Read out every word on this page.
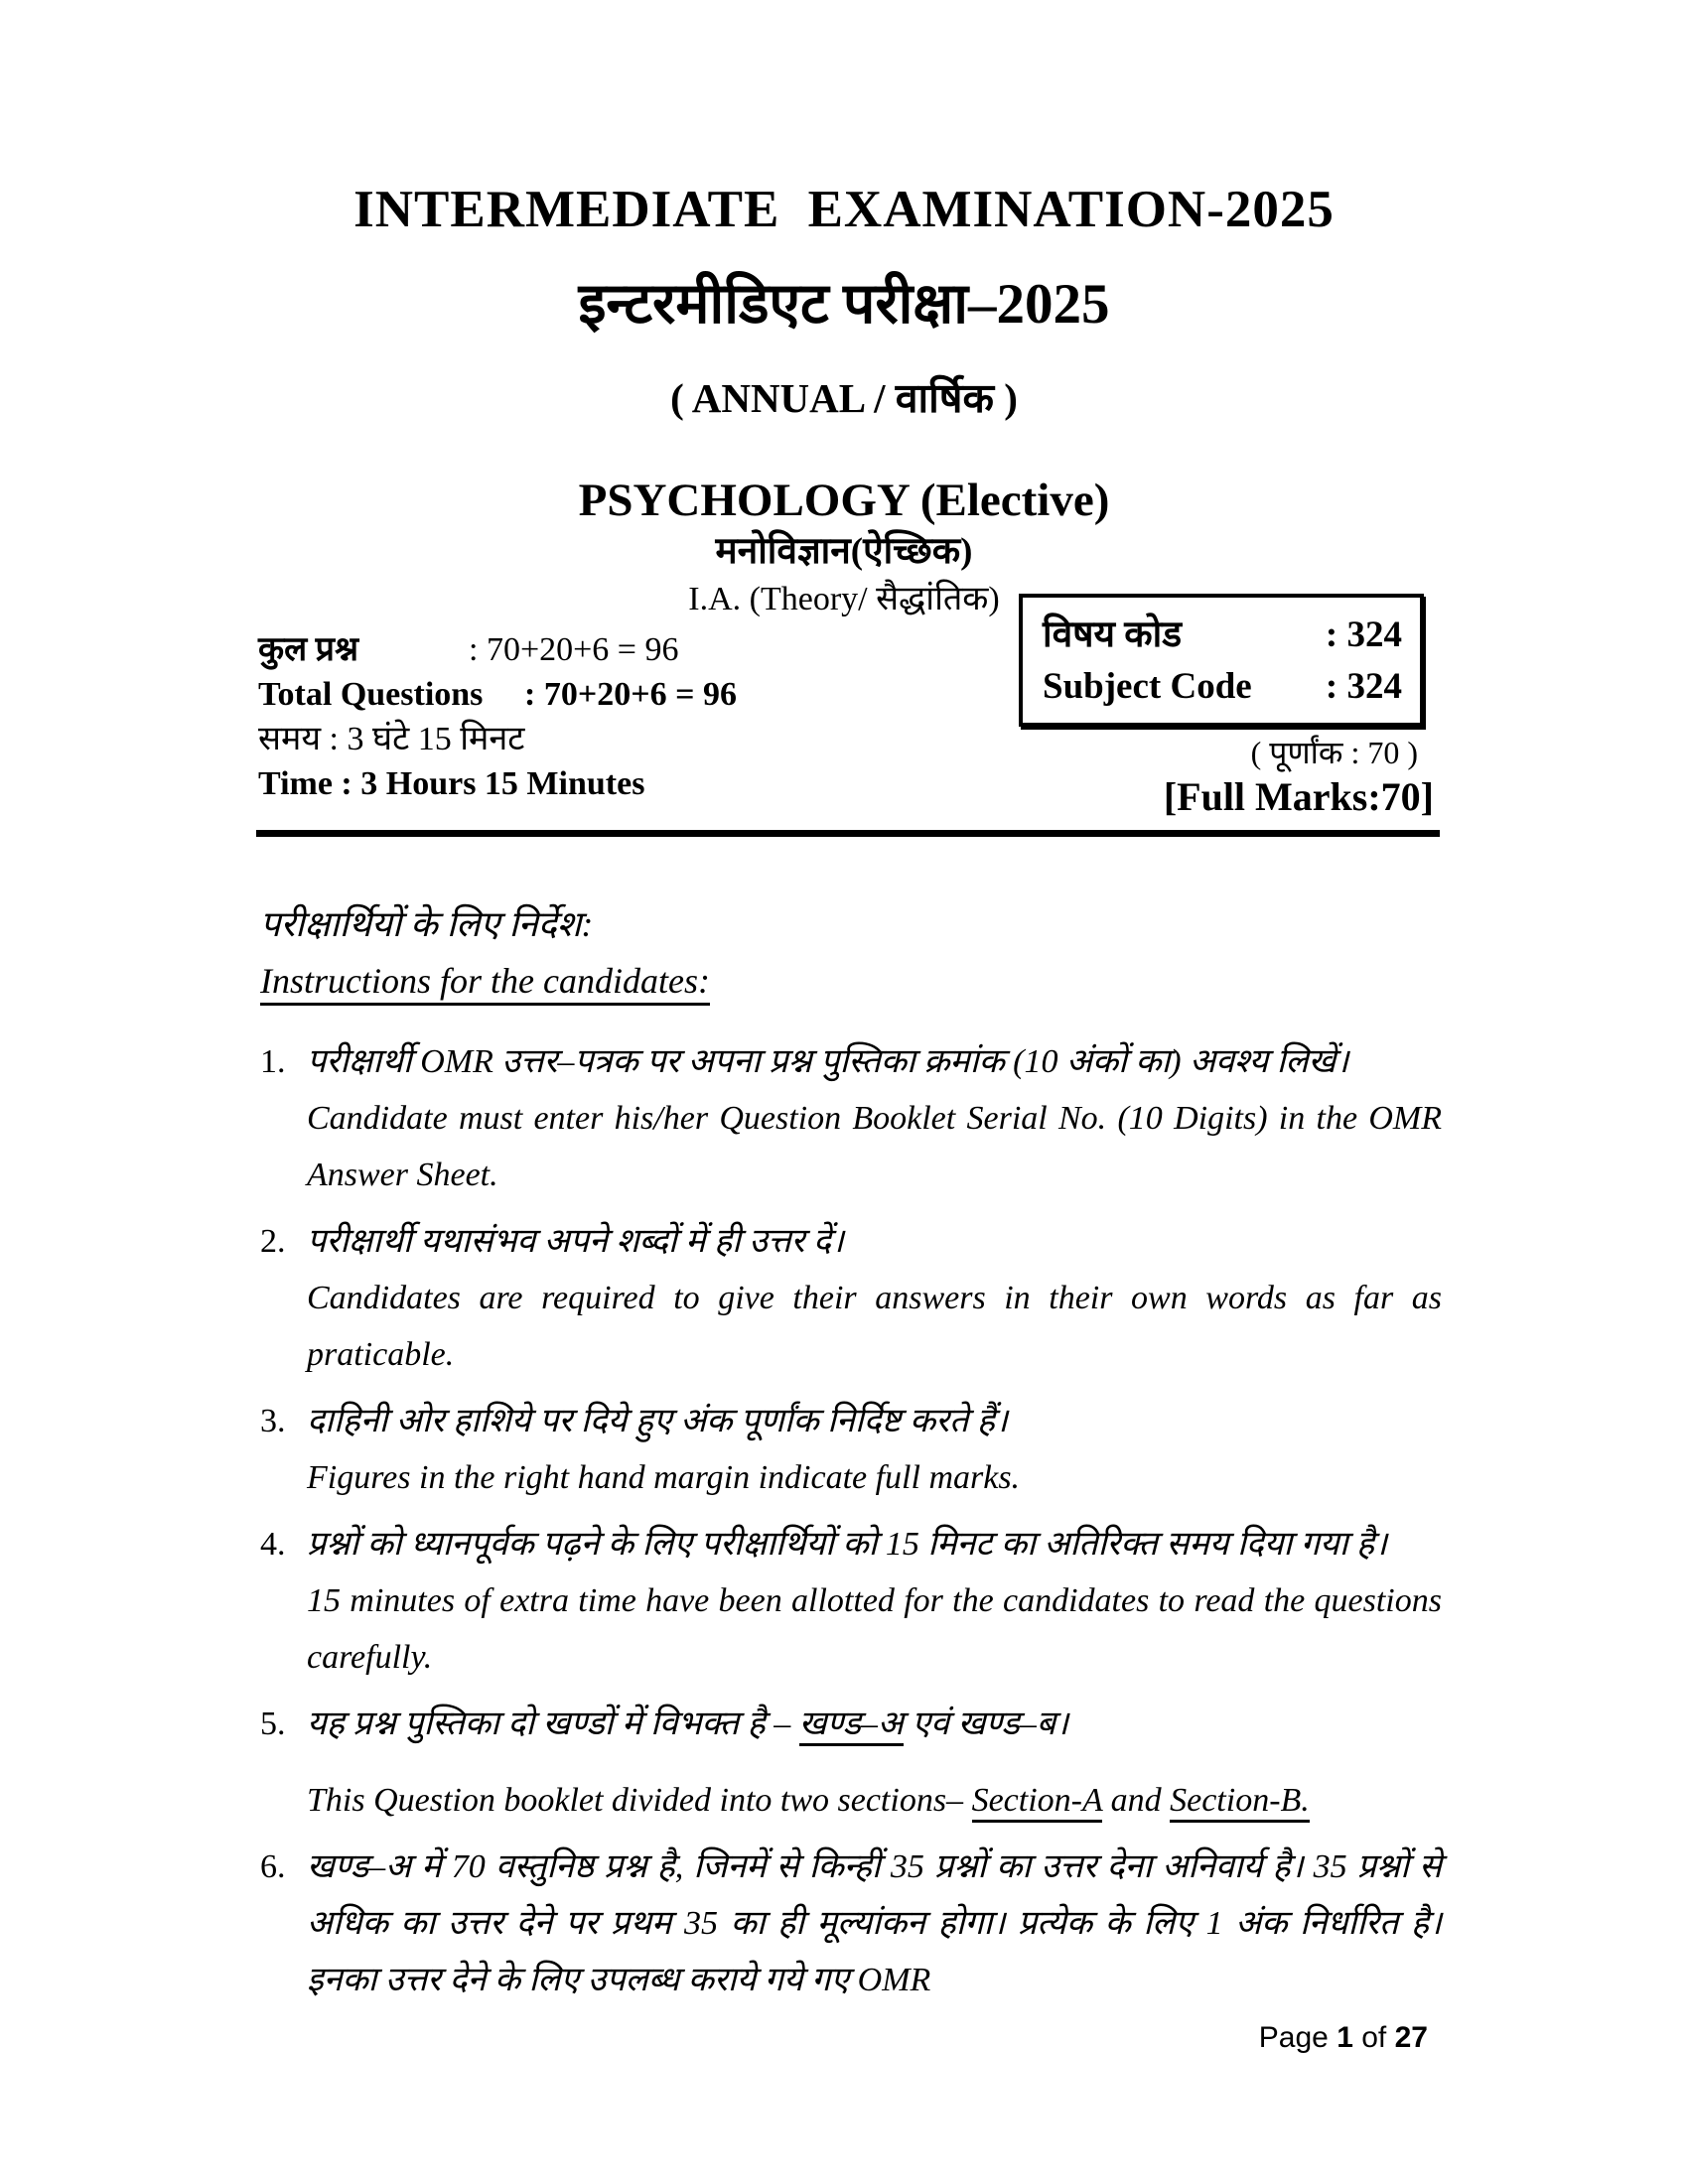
INTERMEDIATE EXAMINATION-2025
इन्टरमीडिएट परीक्षा–2025
( ANNUAL / वार्षिक )
PSYCHOLOGY (Elective)
मनोविज्ञान(ऐच्छिक)
I.A. (Theory/ सैद्धांतिक)
कुल प्रश्न	: 70+20+6 = 96
Total Questions : 70+20+6 = 96
समय : 3 घंटे 15 मिनट
Time : 3 Hours 15 Minutes
विषय कोड	: 324
Subject Code : 324
( पूर्णांक : 70 )
[Full Marks:70]
परीक्षार्थियों के लिए निर्देश:
Instructions for the candidates:
1. परीक्षार्थी OMR उत्तर–पत्रक पर अपना प्रश्न पुस्तिका क्रमांक (10 अंकों का) अवश्य लिखें।
Candidate must enter his/her Question Booklet Serial No. (10 Digits) in the OMR Answer Sheet.
2. परीक्षार्थी यथासंभव अपने शब्दों में ही उत्तर दें।
Candidates are required to give their answers in their own words as far as praticable.
3. दाहिनी ओर हाशिये पर दिये हुए अंक पूर्णांक निर्दिष्ट करते हैं।
Figures in the right hand margin indicate full marks.
4. प्रश्नों को ध्यानपूर्वक पढ़ने के लिए परीक्षार्थियों को 15 मिनट का अतिरिक्त समय दिया गया है।
15 minutes of extra time have been allotted for the candidates to read the questions carefully.
5. यह प्रश्न पुस्तिका दो खण्डों में विभक्त है – खण्ड–अ एवं खण्ड–ब।
This Question booklet divided into two sections– Section-A and Section-B.
6. खण्ड–अ में 70 वस्तुनिष्ठ प्रश्न है, जिनमें से किन्हीं 35 प्रश्नों का उत्तर देना अनिवार्य है। 35 प्रश्नों से अधिक का उत्तर देने पर प्रथम 35 का ही मूल्यांकन होगा। प्रत्येक के लिए 1 अंक निर्धारित है। इनका उत्तर देने के लिए उपलब्ध कराये गये गए OMR
Page 1 of 27
